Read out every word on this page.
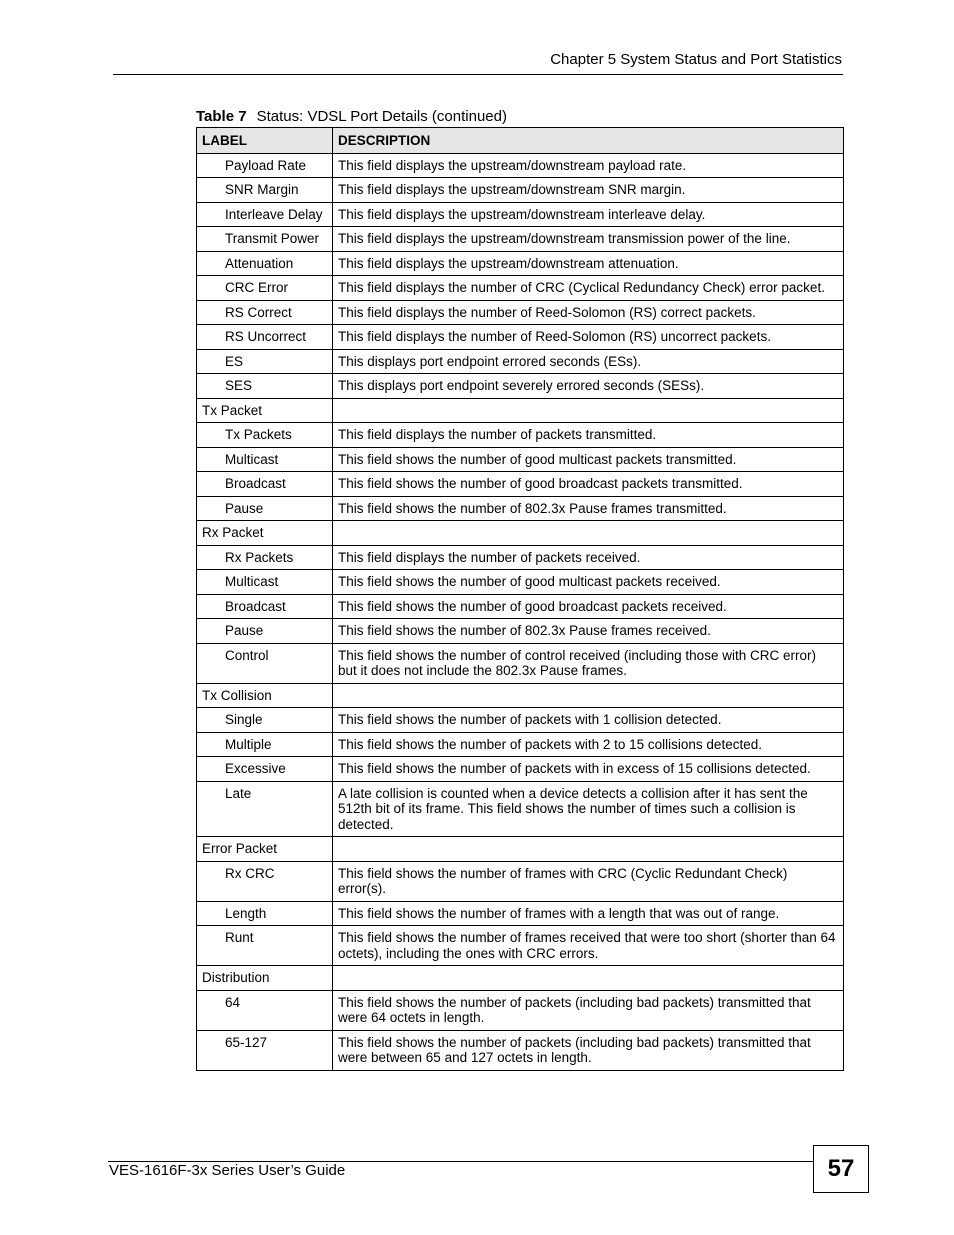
Chapter 5 System Status and Port Statistics
Table 7 Status: VDSL Port Details (continued)
LABEL	DESCRIPTION
Payload Rate	This field displays the upstream/downstream payload rate.
SNR Margin	This field displays the upstream/downstream SNR margin.
Interleave Delay	This field displays the upstream/downstream interleave delay.
Transmit Power	This field displays the upstream/downstream transmission power of the line.
Attenuation	This field displays the upstream/downstream attenuation.
CRC Error	This field displays the number of CRC (Cyclical Redundancy Check) error packet.
RS Correct	This field displays the number of Reed-Solomon (RS) correct packets.
RS Uncorrect	This field displays the number of Reed-Solomon (RS) uncorrect packets.
ES	This displays port endpoint errored seconds (ESs).
SES	This displays port endpoint severely errored seconds (SESs).
Tx Packet	
Tx Packets	This field displays the number of packets transmitted.
Multicast	This field shows the number of good multicast packets transmitted.
Broadcast	This field shows the number of good broadcast packets transmitted.
Pause	This field shows the number of 802.3x Pause frames transmitted.
Rx Packet	
Rx Packets	This field displays the number of packets received.
Multicast	This field shows the number of good multicast packets received.
Broadcast	This field shows the number of good broadcast packets received.
Pause	This field shows the number of 802.3x Pause frames received.
Control	This field shows the number of control received (including those with CRC error) but it does not include the 802.3x Pause frames.
Tx Collision	
Single	This field shows the number of packets with 1 collision detected.
Multiple	This field shows the number of packets with 2 to 15 collisions detected.
Excessive	This field shows the number of packets with in excess of 15 collisions detected.
Late	A late collision is counted when a device detects a collision after it has sent the 512th bit of its frame. This field shows the number of times such a collision is detected.
Error Packet	
Rx CRC	This field shows the number of frames with CRC (Cyclic Redundant Check) error(s).
Length	This field shows the number of frames with a length that was out of range.
Runt	This field shows the number of frames received that were too short (shorter than 64 octets), including the ones with CRC errors.
Distribution	
64	This field shows the number of packets (including bad packets) transmitted that were 64 octets in length.
65-127	This field shows the number of packets (including bad packets) transmitted that were between 65 and 127 octets in length.
VES-1616F-3x Series User’s Guide	57
